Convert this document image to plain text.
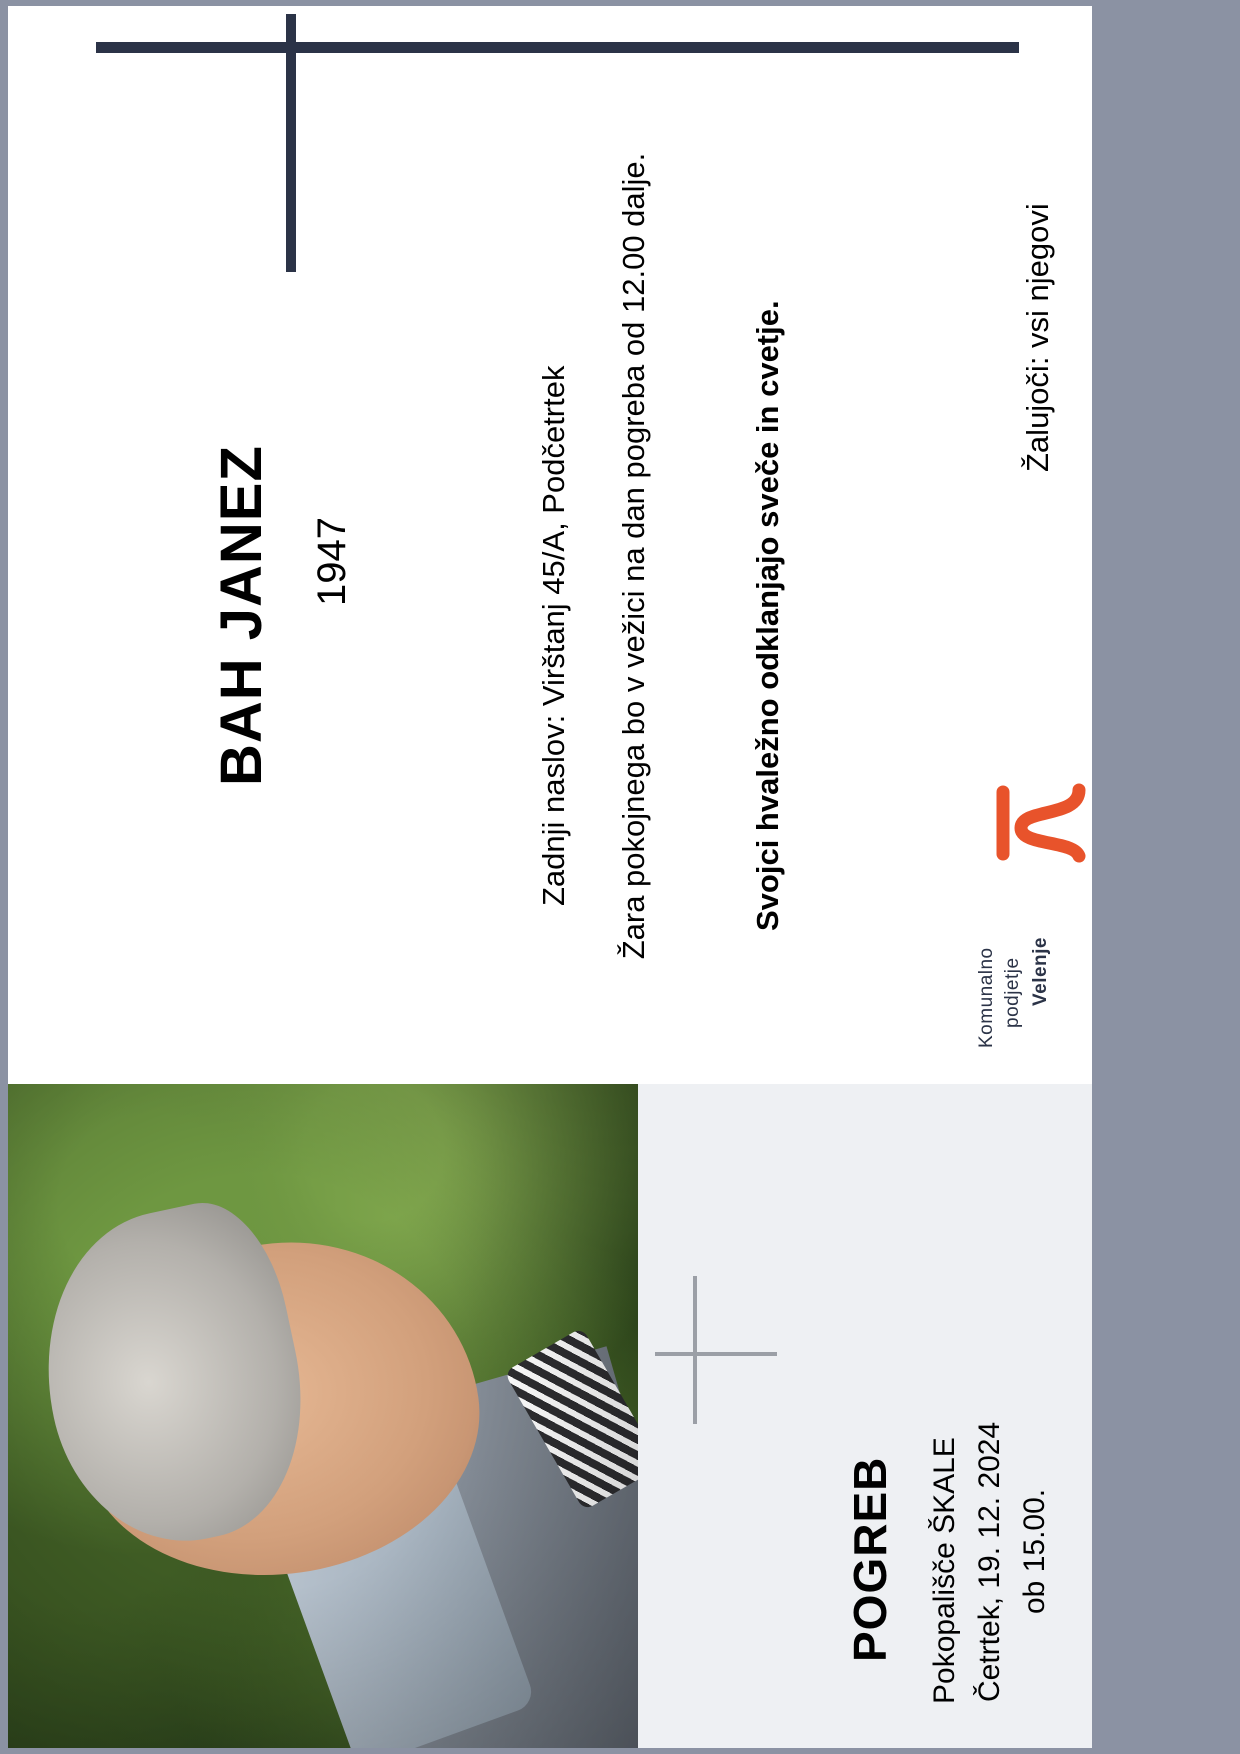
BAH JANEZ 1947	Zadnji naslov: Virštanj 45/A, Podčetrtek Žara pokojnega bo v vežici na dan pogreba od 12.00 dalje.	Svojci hvaležno odklanjajo sveče in cvetje.	Žalujoči: vsi njegovi
Komunalno podjetje Velenje
POGREB Pokopališče ŠKALE Četrtek, 19. 12. 2024 ob 15.00.
